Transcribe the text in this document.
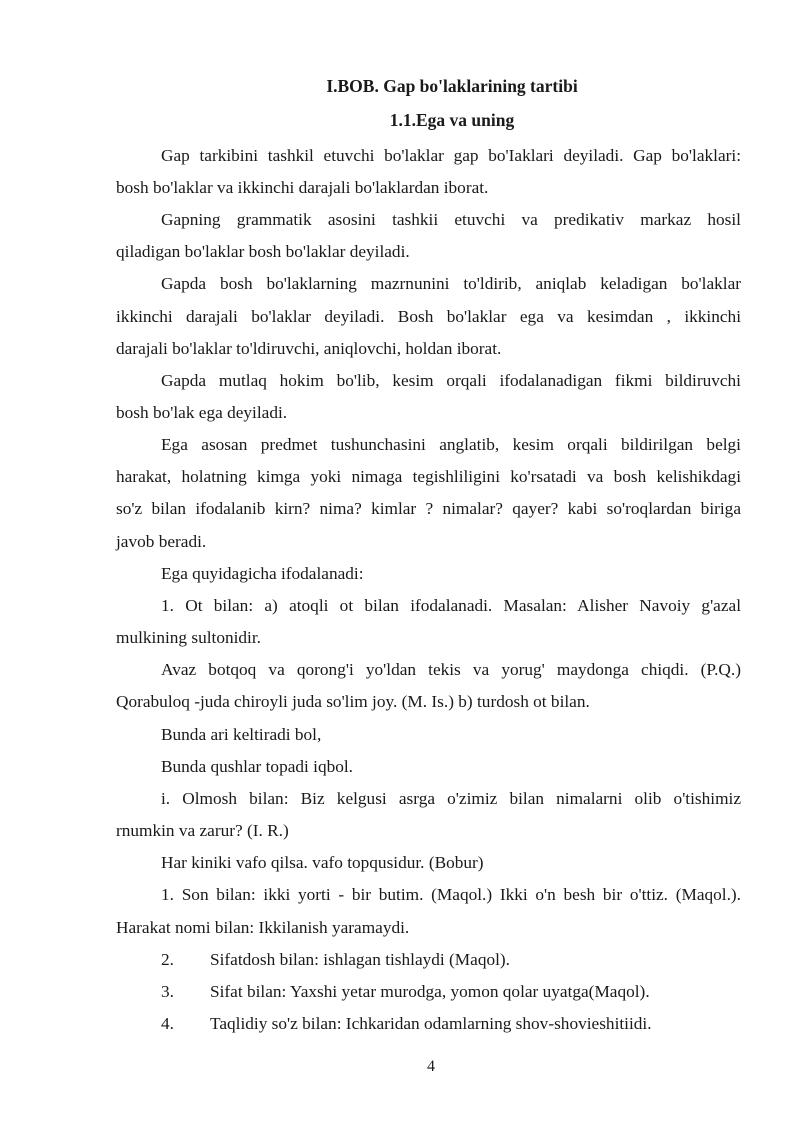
I.BOB. Gap bo'laklarining tartibi
1.1.Ega va uning
Gap tarkibini tashkil etuvchi bo'laklar gap bo'Iaklari deyiladi. Gap bo'laklari:
bosh bo'laklar va ikkinchi darajali bo'laklardan iborat.
Gapning grammatik asosini tashkii etuvchi va predikativ markaz hosil
qiladigan bo'laklar bosh bo'laklar deyiladi.
Gapda bosh bo'laklarning mazrnunini to'ldirib, aniqlab keladigan bo'laklar
ikkinchi darajali bo'laklar deyiladi. Bosh bo'laklar ega va kesimdan , ikkinchi
darajali bo'laklar to'ldiruvchi, aniqlovchi, holdan iborat.
Gapda mutlaq hokim bo'lib, kesim orqali ifodalanadigan fikmi bildiruvchi
bosh bo'lak ega deyiladi.
Ega asosan predmet tushunchasini anglatib, kesim orqali bildirilgan belgi
harakat, holatning kimga yoki nimaga tegishliligini ko'rsatadi va bosh kelishikdagi
so'z bilan ifodalanib kirn? nima? kimlar ? nimalar? qayer? kabi so'roqlardan biriga
javob beradi.
Ega quyidagicha ifodalanadi:
1. Ot bilan: a) atoqli ot bilan ifodalanadi. Masalan: Alisher Navoiy g'azal
mulkining sultonidir.
Avaz botqoq va qorong'i yo'ldan tekis va yorug' maydonga chiqdi. (P.Q.)
Qorabuloq -juda chiroyli juda so'lim joy. (M. Is.) b) turdosh ot bilan.
Bunda ari keltiradi bol,
Bunda qushlar topadi iqbol.
i. Olmosh bilan: Biz kelgusi asrga o'zimiz bilan nimalarni olib o'tishimiz
rnumkin va zarur? (I. R.)
Har kiniki vafo qilsa. vafo topqusidur. (Bobur)
1. Son bilan: ikki yorti - bir butim. (Maqol.) Ikki o'n besh bir o'ttiz. (Maqol.).
Harakat nomi bilan: Ikkilanish yaramaydi.
2. Sifatdosh bilan: ishlagan tishlaydi (Maqol).
3. Sifat bilan: Yaxshi yetar murodga, yomon qolar uyatga(Maqol).
4. Taqlidiy so'z bilan: Ichkaridan odamlarning shov-shovieshitiidi.
4
